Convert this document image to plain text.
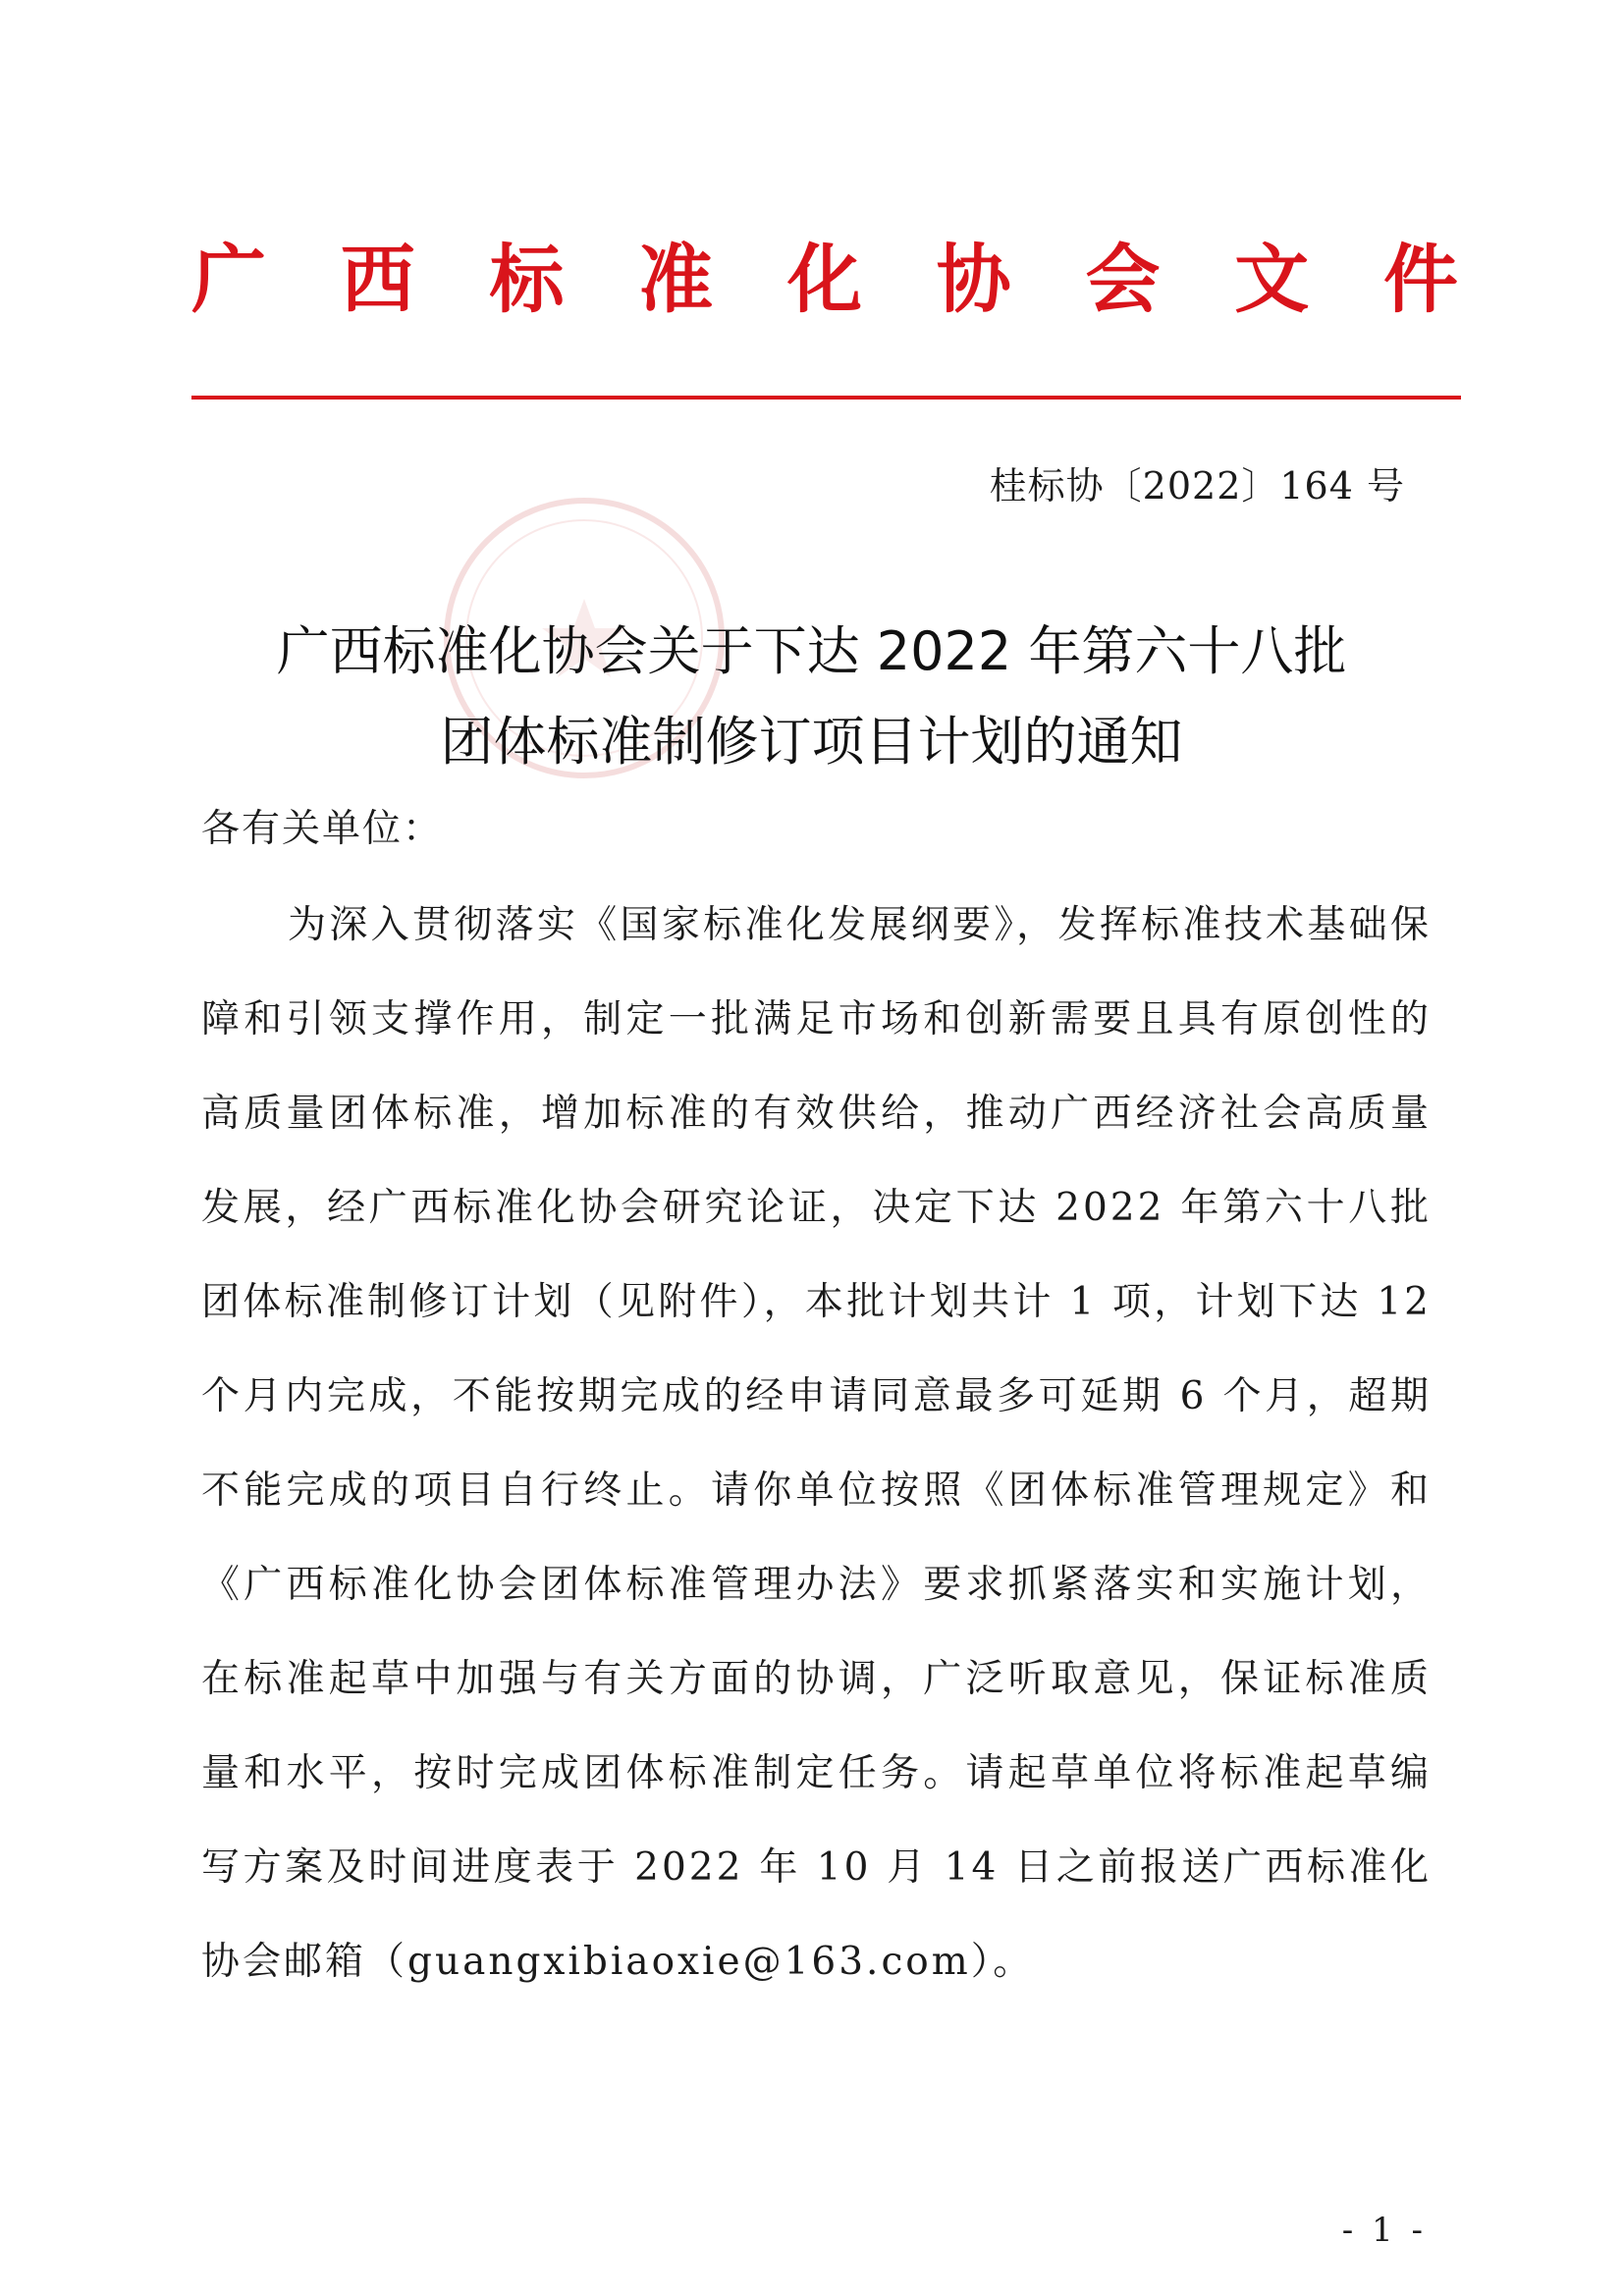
广 西 标 准 化 协 会 文 件
桂标协〔2022〕164 号
广西标准化协会关于下达 2022 年第六十八批
团体标准制修订项目计划的通知
各有关单位：
为深入贯彻落实《国家标准化发展纲要》，发挥标准技术基础保障和引领支撑作用，制定一批满足市场和创新需要且具有原创性的高质量团体标准，增加标准的有效供给，推动广西经济社会高质量发展，经广西标准化协会研究论证，决定下达 2022 年第六十八批团体标准制修订计划（见附件），本批计划共计 1 项，计划下达 12 个月内完成，不能按期完成的经申请同意最多可延期 6 个月，超期不能完成的项目自行终止。请你单位按照《团体标准管理规定》和《广西标准化协会团体标准管理办法》要求抓紧落实和实施计划，在标准起草中加强与有关方面的协调，广泛听取意见，保证标准质量和水平，按时完成团体标准制定任务。请起草单位将标准起草编写方案及时间进度表于 2022 年 10 月 14 日之前报送广西标准化协会邮箱（guangxibiaoxie@163.com）。
- 1 -
